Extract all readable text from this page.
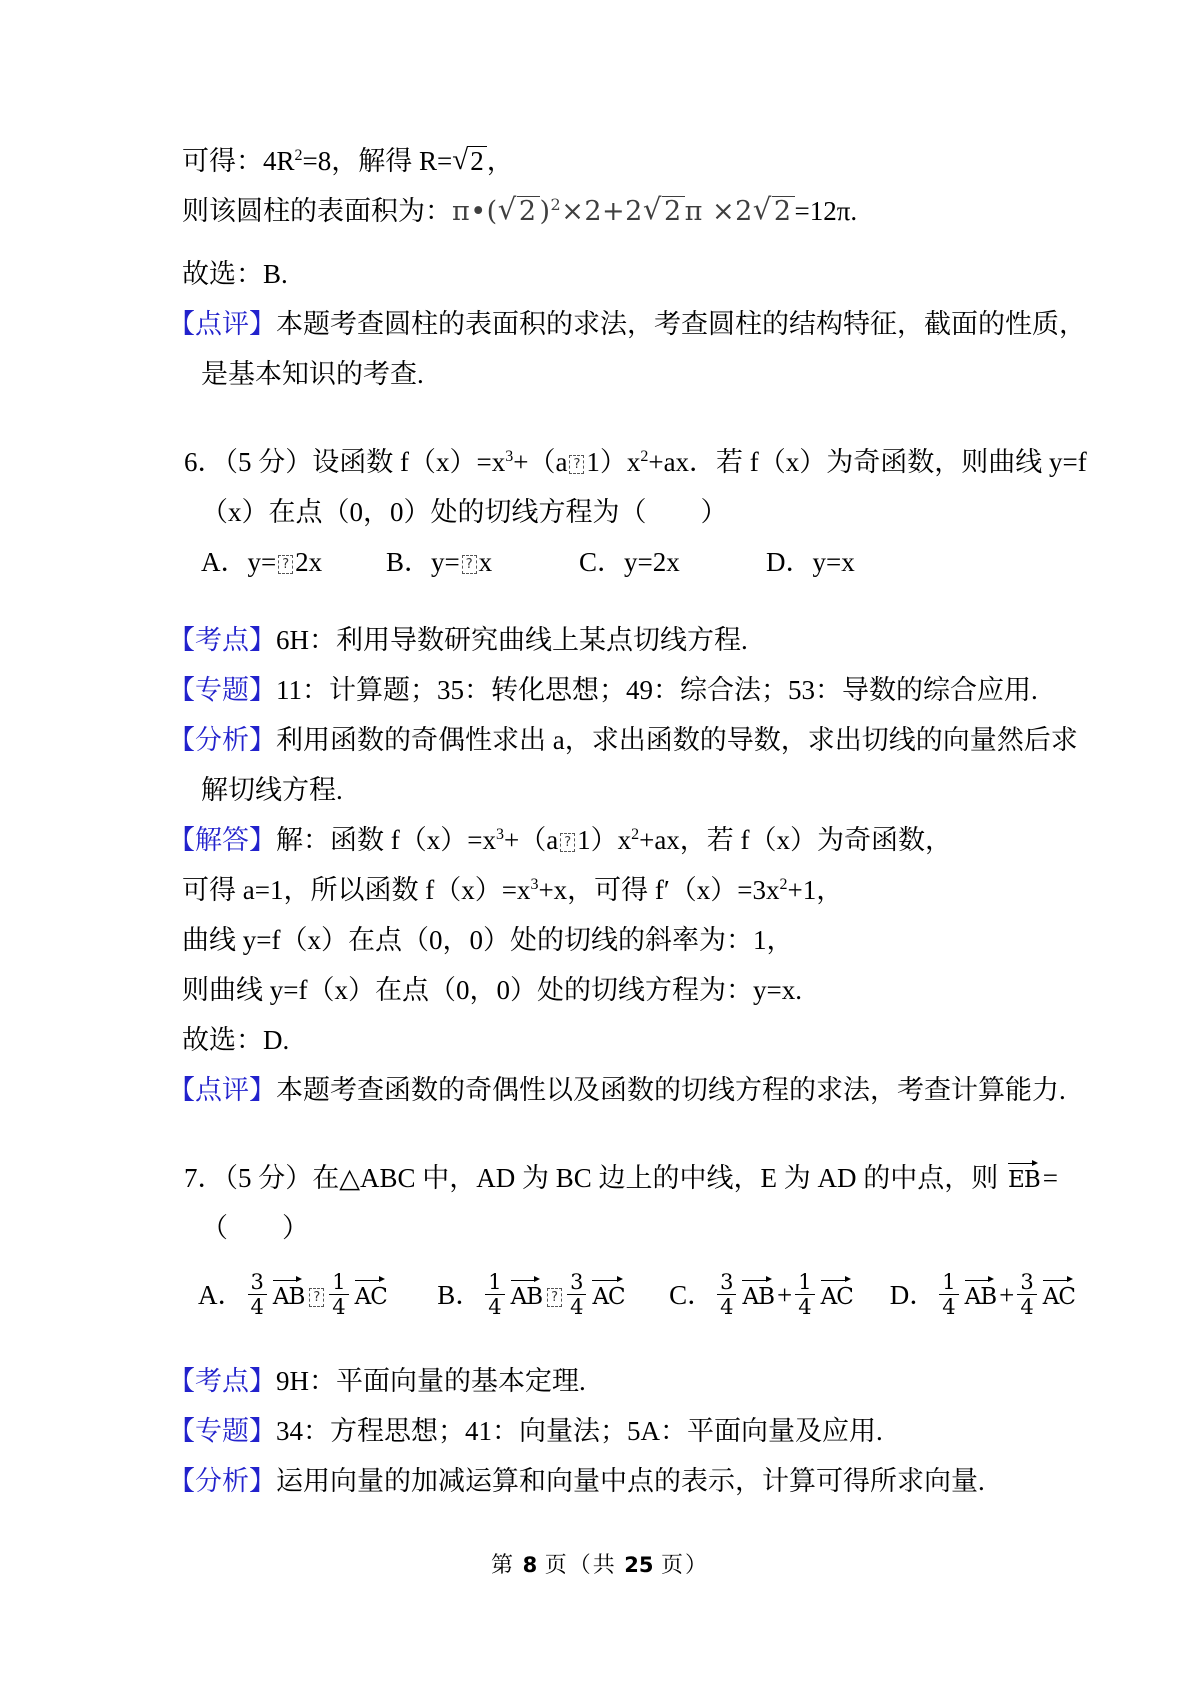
可得：$4R^2=8$，解得 R=√2 ，
则该圆柱的表面积为：π•(√2 )$^2$×2+2√2 π ×2√2 =12π.
故选：B.
【点评】本题考查圆柱的表面积的求法，考查圆柱的结构特征，截面的性质，
是基本知识的考查.
6．（5 分）设函数 $f(x)=x^3+(a$ ? $1)x^2+ax$．若 f（x）为奇函数，则曲线 y=f
（x）在点（0，0）处的切线方程为（　　）
A．y= ? 2x	B．y= ? x	C．y=2x	D．y=x
【考点】6H：利用导数研究曲线上某点切线方程.
【专题】11：计算题；35：转化思想；49：综合法；53：导数的综合应用.
【分析】利用函数的奇偶性求出 a，求出函数的导数，求出切线的向量然后求
解切线方程.
【解答】解：函数 $f(x)=x^3+(a$ ? $1)x^2+ax$，若 f（x）为奇函数，
可得 a=1，所以函数 $f(x)=x^3+x$，可得 $f'(x)=3x^2+1$，
曲线 y=f（x）在点（0，0）处的切线的斜率为：1，
则曲线 y=f（x）在点（0，0）处的切线方程为：y=x.
故选：D.
【点评】本题考查函数的奇偶性以及函数的切线方程的求法，考查计算能力.
7．（5 分）在△ABC 中，AD 为 BC 边上的中线，E 为 AD 的中点，则 EB =
（　　）
A． $\frac{3}{4}$ AB ? $\frac{1}{4}$ AC	B． $\frac{1}{4}$ AB ? $\frac{3}{4}$ AC	C． $\frac{3}{4}$ AB + $\frac{1}{4}$ AC	D． $\frac{1}{4}$ AB + $\frac{3}{4}$ AC
【考点】9H：平面向量的基本定理.
【专题】34：方程思想；41：向量法；5A：平面向量及应用.
【分析】运用向量的加减运算和向量中点的表示，计算可得所求向量.
第 8 页（共 25 页）
